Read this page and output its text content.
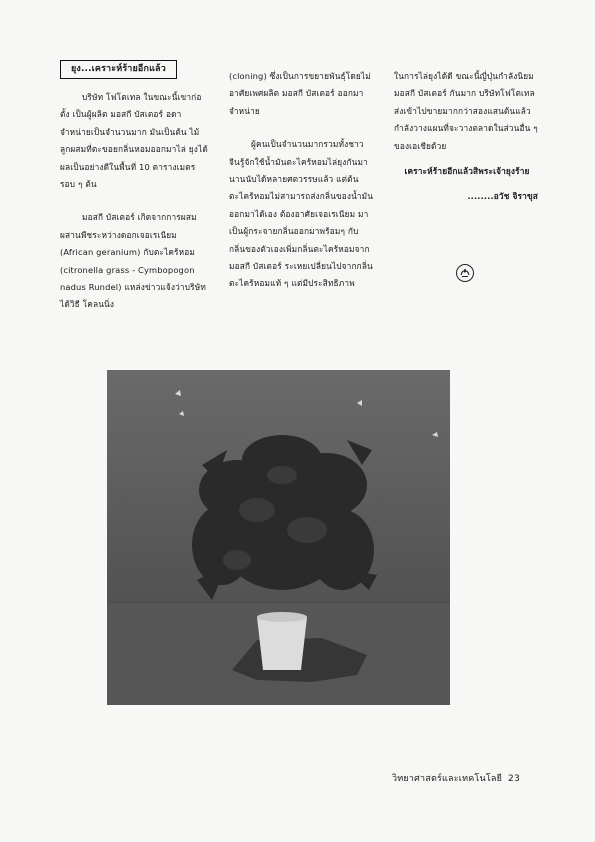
ยุง...เคราะห์ร้ายอีกแล้ว

บริษัท โฟโตเทล ในขณะนี้เขาก่อตั้ง เป็นผู้ผลิต มอสกี บัสเตอร์ อดา จำหน่ายเป็นจำนวนมาก มันเป็นต้น ไม้ลูกผสมที่ตะขอยกลิ่นหอมออกมาไล่ ยุงได้ผลเป็นอย่างดีในพื้นที่ 10 ตารางเมตรรอบ ๆ ต้น

มอสกี บัสเตอร์ เกิดจากการผสมผสานพืชระหว่างดอกเจอเรเนียม (African geranium) กับตะไคร้หอม (citronella grass - Cymbopogon nadus Rundel) แหล่งข่าวแจ้งว่าบริษัทได้วิธี โคลนนิ่ง

(cloning) ซึ่งเป็นการขยายพันธุ์โดยไม่อาศัยเพศผลิต มอสกี บัสเตอร์ ออกมาจำหน่าย

ผู้คนเป็นจำนวนมากรวมทั้งชาวจีนรู้จักใช้น้ำมันตะไคร้หอมไล่ยุงกันมานานนับได้หลายศตวรรษแล้ว แต่ต้นตะไคร้หอมไม่สามารถส่งกลิ่นของน้ำมันออกมาได้เอง ต้องอาศัยเจอเรเนียม มาเป็นผู้กระจายกลิ่นออกมาพร้อมๆ กับกลิ่นของตัวเองเพิ่มกลิ่นตะไคร้หอมจากมอสกี บัสเตอร์ ระเหยเปลี่ยนไปจากกลิ่นตะไคร้หอมแท้ ๆ แต่มีประสิทธิภาพ

ในการไล่ยุงได้ดี ขณะนี้ญี่ปุ่นกำลังนิยม มอสกี บัสเตอร์ กันมาก บริษัทโฟโตเทล ส่งเข้าไปขายมากกว่าสองแสนต้นแล้ว กำลังวางแผนที่จะวางตลาดในส่วนอื่น ๆ ของเอเชียด้วย

เคราะห์ร้ายอีกแล้วสิพระเจ้ายุงร้าย

........อวัช จิราขุส

วิทยาศาสตร์และเทคโนโลยี 23
